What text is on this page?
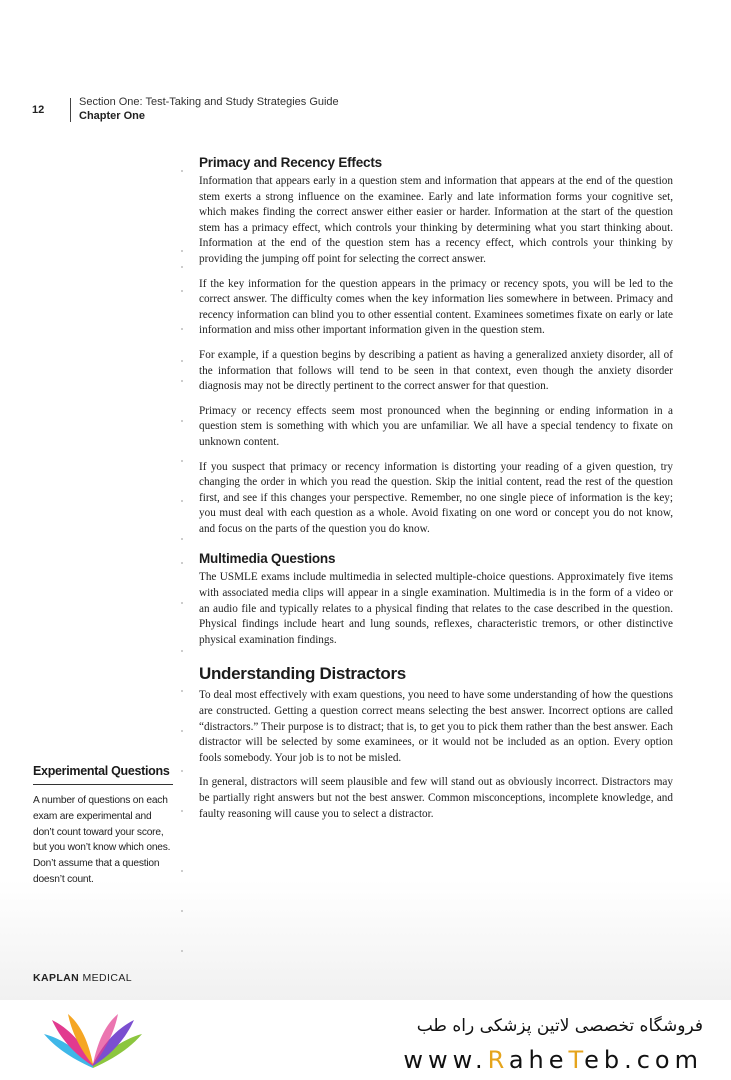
12
Section One: Test-Taking and Study Strategies Guide
Chapter One
Primacy and Recency Effects

Information that appears early in a question stem and information that appears at the end of the question stem exerts a strong influence on the examinee. Early and late information forms your cognitive set, which makes finding the correct answer either easier or harder. Information at the start of the question stem has a primacy effect, which controls your thinking by determining what you start thinking about. Information at the end of the question stem has a recency effect, which controls your thinking by providing the jumping off point for selecting the correct answer.

If the key information for the question appears in the primacy or recency spots, you will be led to the correct answer. The difficulty comes when the key information lies somewhere in between. Primacy and recency information can blind you to other essential content. Examinees sometimes fixate on early or late information and miss other important information given in the question stem.

For example, if a question begins by describing a patient as having a generalized anxiety disorder, all of the information that follows will tend to be seen in that context, even though the anxiety disorder diagnosis may not be directly pertinent to the correct answer for that question.

Primacy or recency effects seem most pronounced when the beginning or ending information in a question stem is something with which you are unfamiliar. We all have a special tendency to fixate on unknown content.

If you suspect that primacy or recency information is distorting your reading of a given question, try changing the order in which you read the question. Skip the initial content, read the rest of the question first, and see if this changes your perspective. Remember, no one single piece of information is the key; you must deal with each question as a whole. Avoid fixating on one word or concept you do not know, and focus on the parts of the question you do know.

Multimedia Questions

The USMLE exams include multimedia in selected multiple-choice questions. Approximately five items with associated media clips will appear in a single examination. Multimedia is in the form of a video or an audio file and typically relates to a physical finding that relates to the case described in the question. Physical findings include heart and lung sounds, reflexes, characteristic tremors, or other distinctive physical examination findings.

Understanding Distractors

To deal most effectively with exam questions, you need to have some understanding of how the questions are constructed. Getting a question correct means selecting the best answer. Incorrect options are called “distractors.” Their purpose is to distract; that is, to get you to pick them rather than the best answer. Each distractor will be selected by some examinees, or it would not be included as an option. Every option fools somebody. Your job is to not be misled.

In general, distractors will seem plausible and few will stand out as obviously incorrect. Distractors may be partially right answers but not the best answer. Common misconceptions, incomplete knowledge, and faulty reasoning will cause you to select a distractor.

Experimental Questions
A number of questions on each exam are experimental and don’t count toward your score, but you won’t know which ones. Don’t assume that a question doesn’t count.
KAPLAN MEDICAL
فروشگاه تخصصی لاتین پزشکی راه طب
www.RaheTeb.com
